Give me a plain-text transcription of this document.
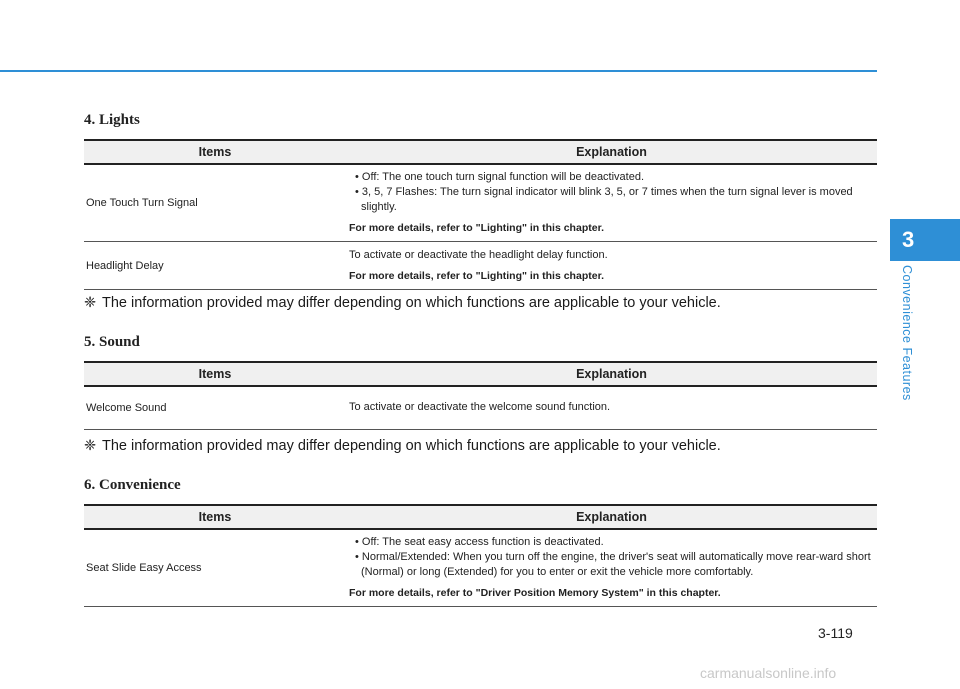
4. Lights
Items	Explanation
One Touch Turn Signal	• Off: The one touch turn signal function will be deactivated.

• 3, 5, 7 Flashes: The turn signal indicator will blink 3, 5, or 7 times when the turn signal lever is moved slightly.

For more details, refer to "Lighting" in this chapter.

Headlight Delay	To activate or deactivate the headlight delay function.

For more details, refer to "Lighting" in this chapter.

❈ The information provided may differ depending on which functions are applicable to your vehicle.
5. Sound
Items	Explanation
Welcome Sound	To activate or deactivate the welcome sound function.

❈ The information provided may differ depending on which functions are applicable to your vehicle.
6. Convenience
Items	Explanation
Seat Slide Easy Access	• Off: The seat easy access function is deactivated.

• Normal/Extended: When you turn off the engine, the driver's seat will automatically move rear-ward short (Normal) or long (Extended) for you to enter or exit the vehicle more comfortably.

For more details, refer to "Driver Position Memory System" in this chapter.

3
Convenience Features
3-119
carmanualsonline.info
